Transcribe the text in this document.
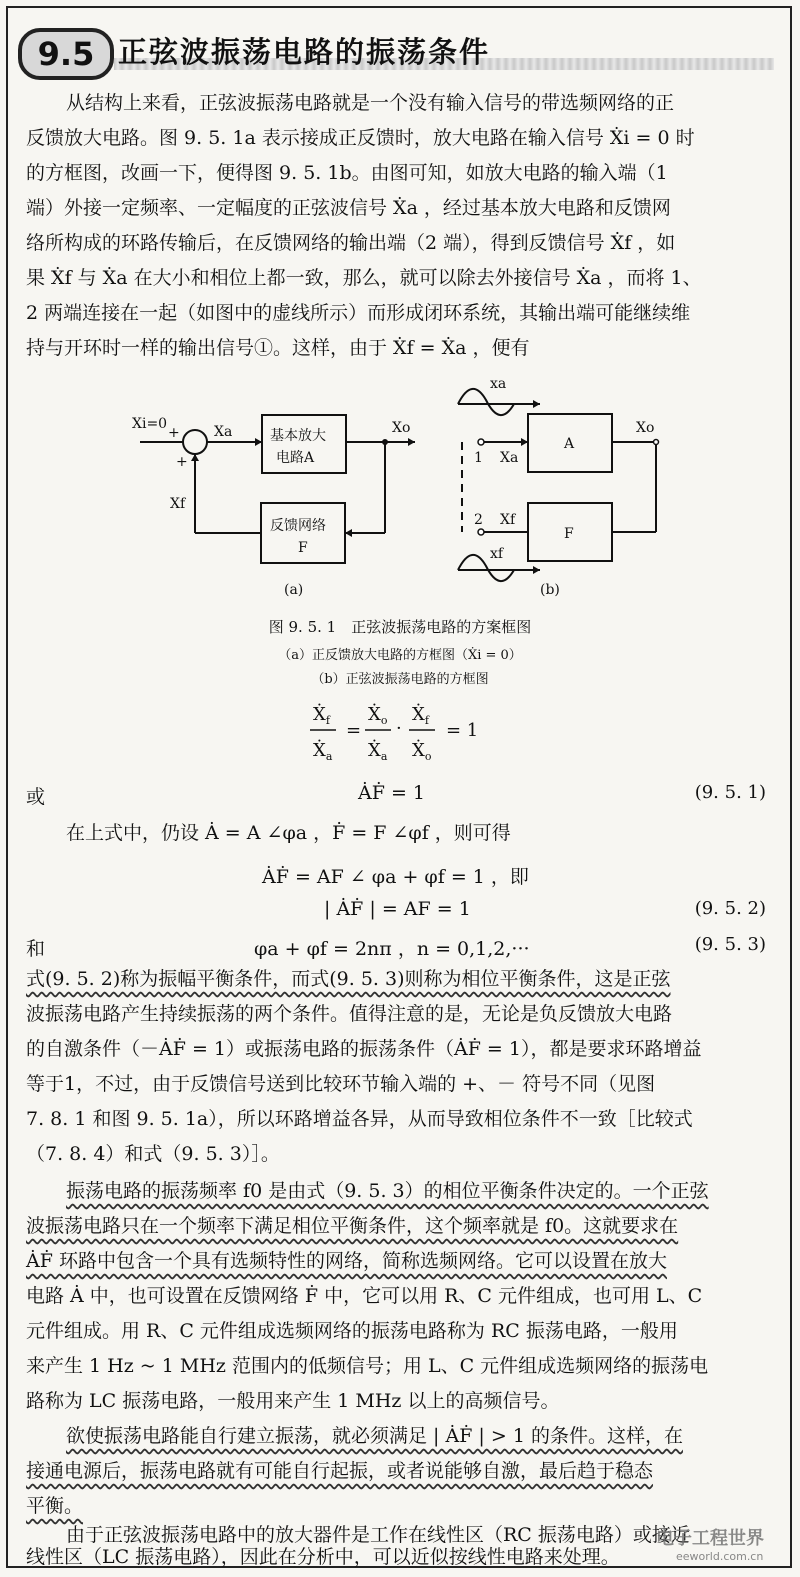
9.5 正弦波振荡电路的振荡条件
从结构上来看，正弦波振荡电路就是一个没有输入信号的带选频网络的正
反馈放大电路。图 9. 5. 1a 表示接成正反馈时，放大电路在输入信号 Ẋi = 0 时
的方框图，改画一下，便得图 9. 5. 1b。由图可知，如放大电路的输入端（1
端）外接一定频率、一定幅度的正弦波信号 Ẋa ，经过基本放大电路和反馈网
络所构成的环路传输后，在反馈网络的输出端（2 端），得到反馈信号 Ẋf ，如
果 Ẋf 与 Ẋa 在大小和相位上都一致，那么，就可以除去外接信号 Ẋa ，而将 1、
2 两端连接在一起（如图中的虚线所示）而形成闭环系统，其输出端可能继续维
持与开环时一样的输出信号①。这样，由于 Ẋf = Ẋa ，便有
Xi=0
+
+
Xa	Xo
Xf
基本放大
电路A
反馈网络
F
(a)
xa
xf
1
2
Xa
Xf
Xo
A
F
(b)
图 9. 5. 1　正弦波振荡电路的方案框图
（a）正反馈放大电路的方框图（Ẋi = 0）
（b）正弦波振荡电路的方框图
Ẋ$_f$
Ẋ$_a$
=
Ẋ$_o$
Ẋ$_a$
·
Ẋ$_f$
Ẋ$_o$
= 1
或	ȦḞ = 1	(9. 5. 1)
在上式中，仍设 Ȧ = A ∠φa ，Ḟ = F ∠φf ，则可得
ȦḞ = AF ∠ φa + φf = 1 ，即
| ȦḞ | = AF = 1	(9. 5. 2)
和	φa + φf = 2nπ ，n = 0,1,2,···	(9. 5. 3)
式(9. 5. 2)称为振幅平衡条件，而式(9. 5. 3)则称为相位平衡条件，这是正弦
波振荡电路产生持续振荡的两个条件。值得注意的是，无论是负反馈放大电路
的自激条件（－ȦḞ = 1）或振荡电路的振荡条件（ȦḞ = 1），都是要求环路增益
等于1，不过，由于反馈信号送到比较环节输入端的 +、－ 符号不同（见图
7. 8. 1 和图 9. 5. 1a），所以环路增益各异，从而导致相位条件不一致［比较式
（7. 8. 4）和式（9. 5. 3）］。
振荡电路的振荡频率 f0 是由式（9. 5. 3）的相位平衡条件决定的。一个正弦
波振荡电路只在一个频率下满足相位平衡条件，这个频率就是 f0。这就要求在
ȦḞ 环路中包含一个具有选频特性的网络，简称选频网络。它可以设置在放大
电路 Ȧ 中，也可设置在反馈网络 Ḟ 中，它可以用 R、C 元件组成，也可用 L、C
元件组成。用 R、C 元件组成选频网络的振荡电路称为 RC 振荡电路，一般用
来产生 1 Hz ~ 1 MHz 范围内的低频信号；用 L、C 元件组成选频网络的振荡电
路称为 LC 振荡电路，一般用来产生 1 MHz 以上的高频信号。
欲使振荡电路能自行建立振荡，就必须满足 | ȦḞ | > 1 的条件。这样，在
接通电源后，振荡电路就有可能自行起振，或者说能够自激，最后趋于稳态
平衡。
由于正弦波振荡电路中的放大器件是工作在线性区（RC 振荡电路）或接近
线性区（LC 振荡电路），因此在分析中，可以近似按线性电路来处理。
电子工程世界
eeworld.com.cn
